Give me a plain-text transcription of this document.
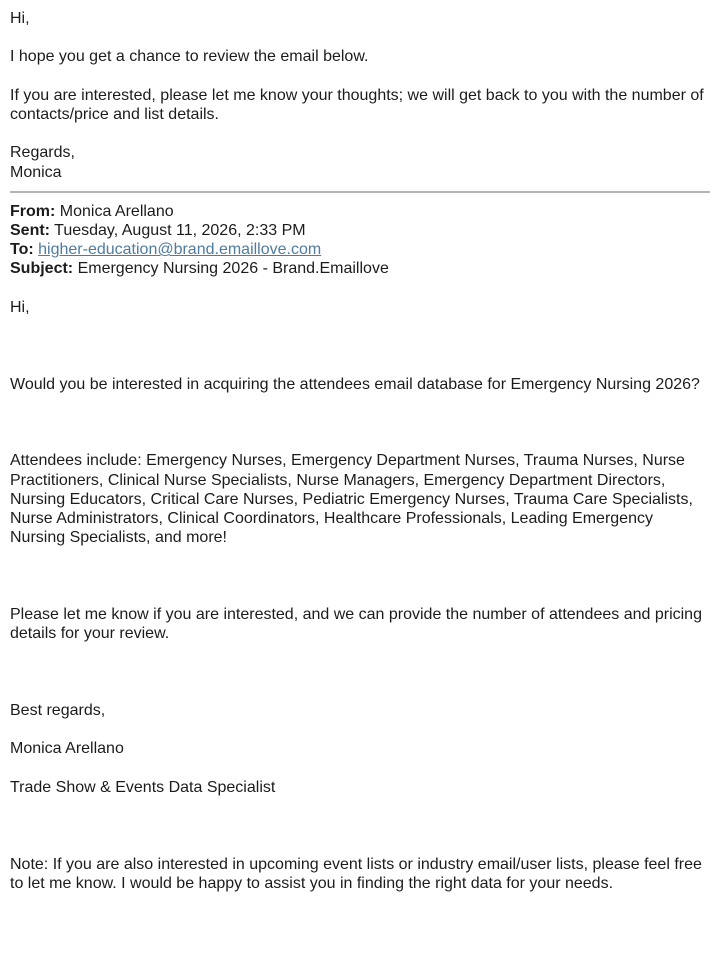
Hi,

I hope you get a chance to review the email below.

If you are interested, please let me know your thoughts; we will get back to you with the number of contacts/price and list details.

Regards,

Monica

From: Monica Arellano

Sent: Tuesday, August 11, 2026, 2:33 PM

To: higher-education@brand.emaillove.com

Subject: Emergency Nursing 2026 - Brand.Emaillove

Hi,

Would you be interested in acquiring the attendees email database for Emergency Nursing 2026?

Attendees include: Emergency Nurses, Emergency Department Nurses, Trauma Nurses, Nurse Practitioners, Clinical Nurse Specialists, Nurse Managers, Emergency Department Directors, Nursing Educators, Critical Care Nurses, Pediatric Emergency Nurses, Trauma Care Specialists, Nurse Administrators, Clinical Coordinators, Healthcare Professionals, Leading Emergency Nursing Specialists, and more!

Please let me know if you are interested, and we can provide the number of attendees and pricing details for your review.

Best regards,

Monica Arellano

Trade Show & Events Data Specialist

Note: If you are also interested in upcoming event lists or industry email/user lists, please feel free to let me know. I would be happy to assist you in finding the right data for your needs.
